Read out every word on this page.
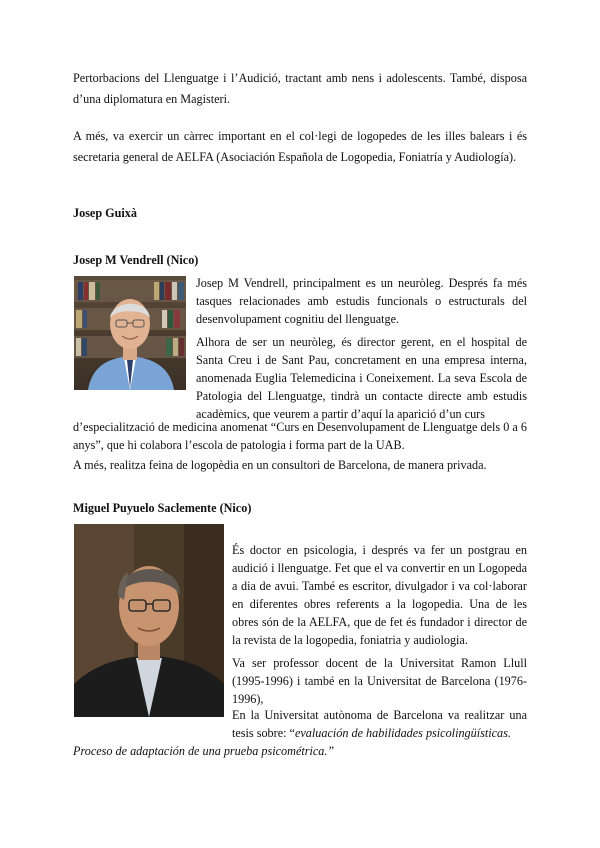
Pertorbacions del Llenguatge i l’Audició, tractant amb nens i adolescents. També, disposa d’una diplomatura en Magisteri.

A més, va exercir un càrrec important en el col·legi de logopedes de les illes balears i és secretaria general de AELFA (Asociación Española de Logopedia, Foniatría y Audiología).

Josep Guixà
Josep M Vendrell (Nico)

Josep M Vendrell, principalment es un neuròleg. Després fa més tasques relacionades amb estudis funcionals o estructurals del desenvolupament cognitiu del llenguatge.

Alhora de ser un neuròleg, és director gerent, en el hospital de Santa Creu i de Sant Pau, concretament en una empresa interna, anomenada Euglia Telemedicina i Coneixement. La seva Escola de Patologia del Llenguatge, tindrà un contacte directe amb estudis acadèmics, que veurem a partir d’aquí la aparició d’un curs

d’especialització de medicina anomenat “Curs en Desenvolupament de Llenguatge dels 0 a 6 anys”, que hi colabora l’escola de patologia i forma part de la UAB.

A més, realitza feina de logopèdia en un consultori de Barcelona, de manera privada.

Miguel Puyuelo Saclemente (Nico)

És doctor en psicologia, i després va fer un postgrau en audició i llenguatge. Fet que el va convertir en un Logopeda a dia de avui. També es escritor, divulgador i va col·laborar en diferentes obres referents a la logopedia. Una de les obres són de la AELFA, que de fet és fundador i director de la revista de la logopedia, foniatria y audiologia.

Va ser professor docent de la Universitat Ramon Llull (1995-1996) i també en la Universitat de Barcelona (1976-1996),

En la Universitat autònoma de Barcelona va realitzar una tesis sobre: “evaluación de habilidades psicolingüísticas.
Proceso de adaptación de una prueba psicométrica.”
